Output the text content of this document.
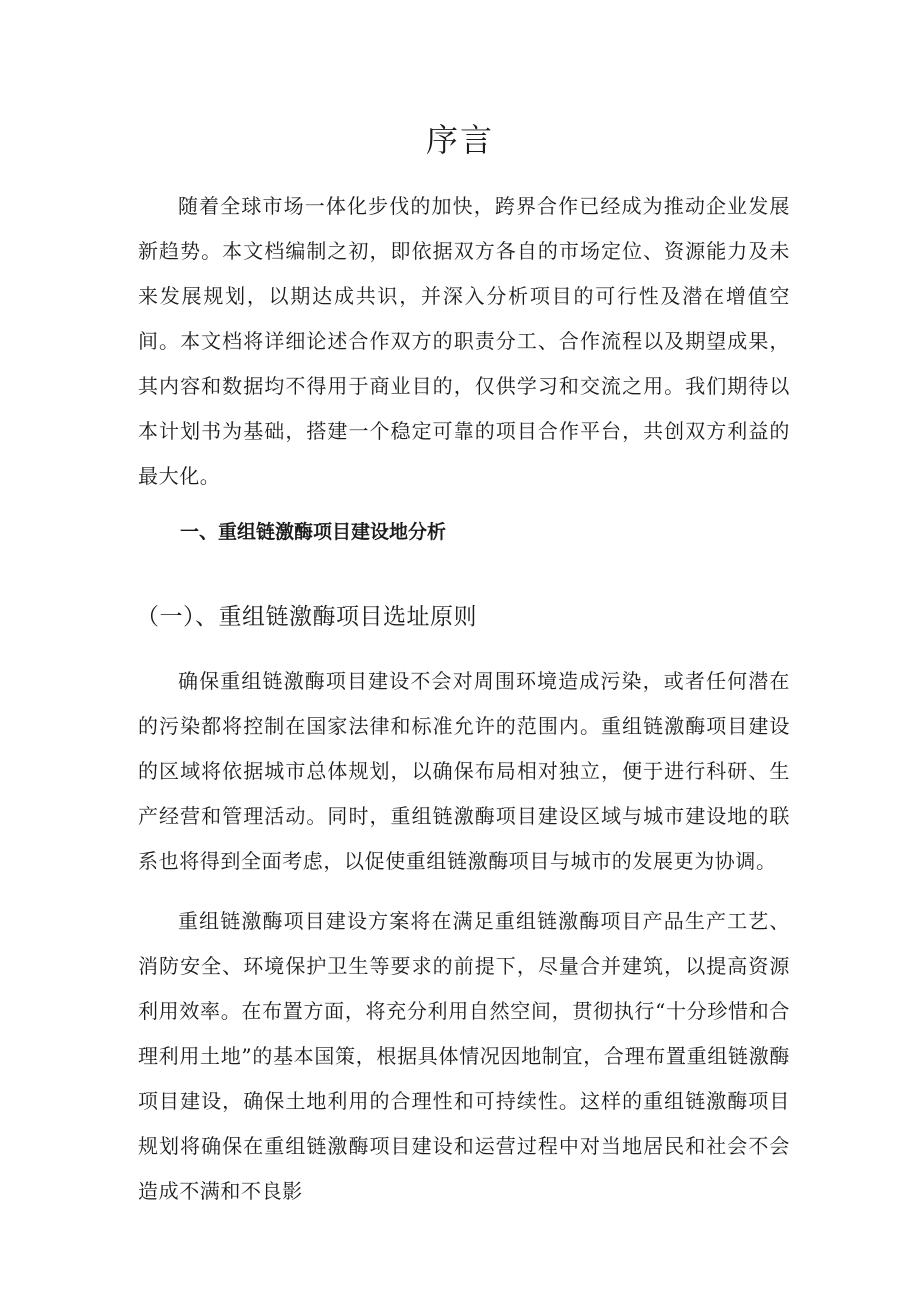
序言

随着全球市场一体化步伐的加快，跨界合作已经成为推动企业发展新趋势。本文档编制之初，即依据双方各自的市场定位、资源能力及未来发展规划，以期达成共识，并深入分析项目的可行性及潜在增值空间。本文档将详细论述合作双方的职责分工、合作流程以及期望成果，其内容和数据均不得用于商业目的，仅供学习和交流之用。我们期待以本计划书为基础，搭建一个稳定可靠的项目合作平台，共创双方利益的最大化。

一、重组链激酶项目建设地分析
（一）、重组链激酶项目选址原则

确保重组链激酶项目建设不会对周围环境造成污染，或者任何潜在的污染都将控制在国家法律和标准允许的范围内。重组链激酶项目建设的区域将依据城市总体规划，以确保布局相对独立，便于进行科研、生产经营和管理活动。同时，重组链激酶项目建设区域与城市建设地的联系也将得到全面考虑，以促使重组链激酶项目与城市的发展更为协调。

重组链激酶项目建设方案将在满足重组链激酶项目产品生产工艺、消防安全、环境保护卫生等要求的前提下，尽量合并建筑，以提高资源利用效率。在布置方面，将充分利用自然空间，贯彻执行“十分珍惜和合理利用土地”的基本国策，根据具体情况因地制宜，合理布置重组链激酶项目建设，确保土地利用的合理性和可持续性。这样的重组链激酶项目规划将确保在重组链激酶项目建设和运营过程中对当地居民和社会不会造成不满和不良影
